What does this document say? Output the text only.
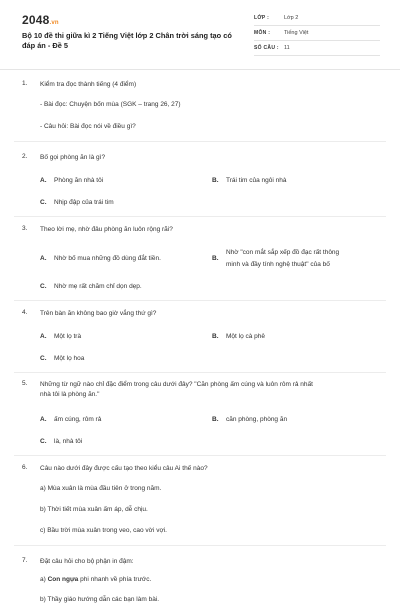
2048.vn
Bộ 10 đề thi giữa kì 2 Tiếng Việt lớp 2 Chân trời sáng tạo có đáp án - Đề 5
LỚP :	Lớp 2
MÔN :	Tiếng Việt
SỐ CÂU : 11
1. Kiểm tra đọc thành tiếng (4 điểm)
- Bài đọc: Chuyện bốn mùa (SGK – trang 26, 27)
- Câu hỏi: Bài đọc nói về điều gì?
2. Bố gọi phòng ăn là gì?
A. Phòng ăn nhà tôi	B. Trái tim của ngôi nhà
C. Nhịp đập của trái tim
3. Theo lời mẹ, nhờ đâu phòng ăn luôn rộng rãi?
A. Nhờ bố mua những đồ dùng đắt tiền.	B.
Nhờ "con mắt sắp xếp đồ đạc rất thông
minh và đầy tính nghệ thuật" của bố
C. Nhờ mẹ rất chăm chỉ dọn dẹp.
4. Trên bàn ăn không bao giờ vắng thứ gì?
A. Một lọ trà	B. Một lọ cà phê
C. Một lọ hoa
5. Những từ ngữ nào chỉ đặc điểm trong câu dưới đây? "Căn phòng ấm cúng và luôn rôm rả nhất
nhà tôi là phòng ăn."
A. ấm cúng, rôm rả	B. căn phòng, phòng ăn
C. là, nhà tôi
6. Câu nào dưới đây được cấu tạo theo kiểu câu Ai thế nào?
a) Mùa xuân là mùa đầu tiên ở trong năm.
b) Thời tiết mùa xuân ấm áp, dễ chịu.
c) Bầu trời mùa xuân trong veo, cao vời vợi.
7. Đặt câu hỏi cho bộ phận in đậm:
a) Con ngựa phi nhanh về phía trước.
b) Thầy giáo hướng dẫn các bạn làm bài.
